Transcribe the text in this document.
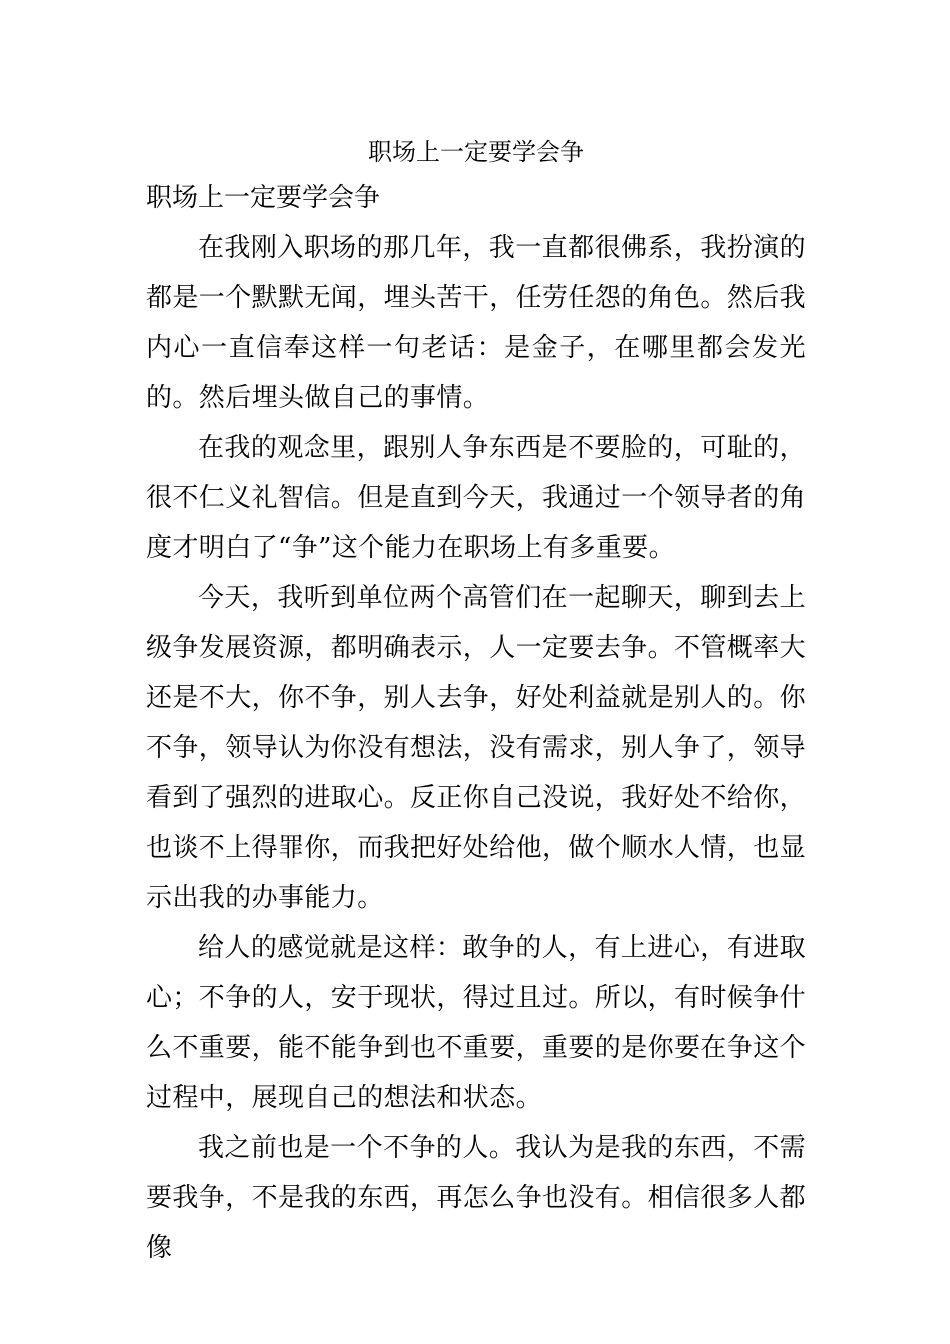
职场上一定要学会争
职场上一定要学会争

在我刚入职场的那几年，我一直都很佛系，我扮演的都是一个默默无闻，埋头苦干，任劳任怨的角色。然后我内心一直信奉这样一句老话：是金子，在哪里都会发光的。然后埋头做自己的事情。

在我的观念里，跟别人争东西是不要脸的，可耻的，很不仁义礼智信。但是直到今天，我通过一个领导者的角度才明白了“争”这个能力在职场上有多重要。

今天，我听到单位两个高管们在一起聊天，聊到去上级争发展资源，都明确表示，人一定要去争。不管概率大还是不大，你不争，别人去争，好处利益就是别人的。你不争，领导认为你没有想法，没有需求，别人争了，领导看到了强烈的进取心。反正你自己没说，我好处不给你，也谈不上得罪你，而我把好处给他，做个顺水人情，也显示出我的办事能力。

给人的感觉就是这样：敢争的人，有上进心，有进取心；不争的人，安于现状，得过且过。所以，有时候争什么不重要，能不能争到也不重要，重要的是你要在争这个过程中，展现自己的想法和状态。

我之前也是一个不争的人。我认为是我的东西，不需要我争，不是我的东西，再怎么争也没有。相信很多人都像
